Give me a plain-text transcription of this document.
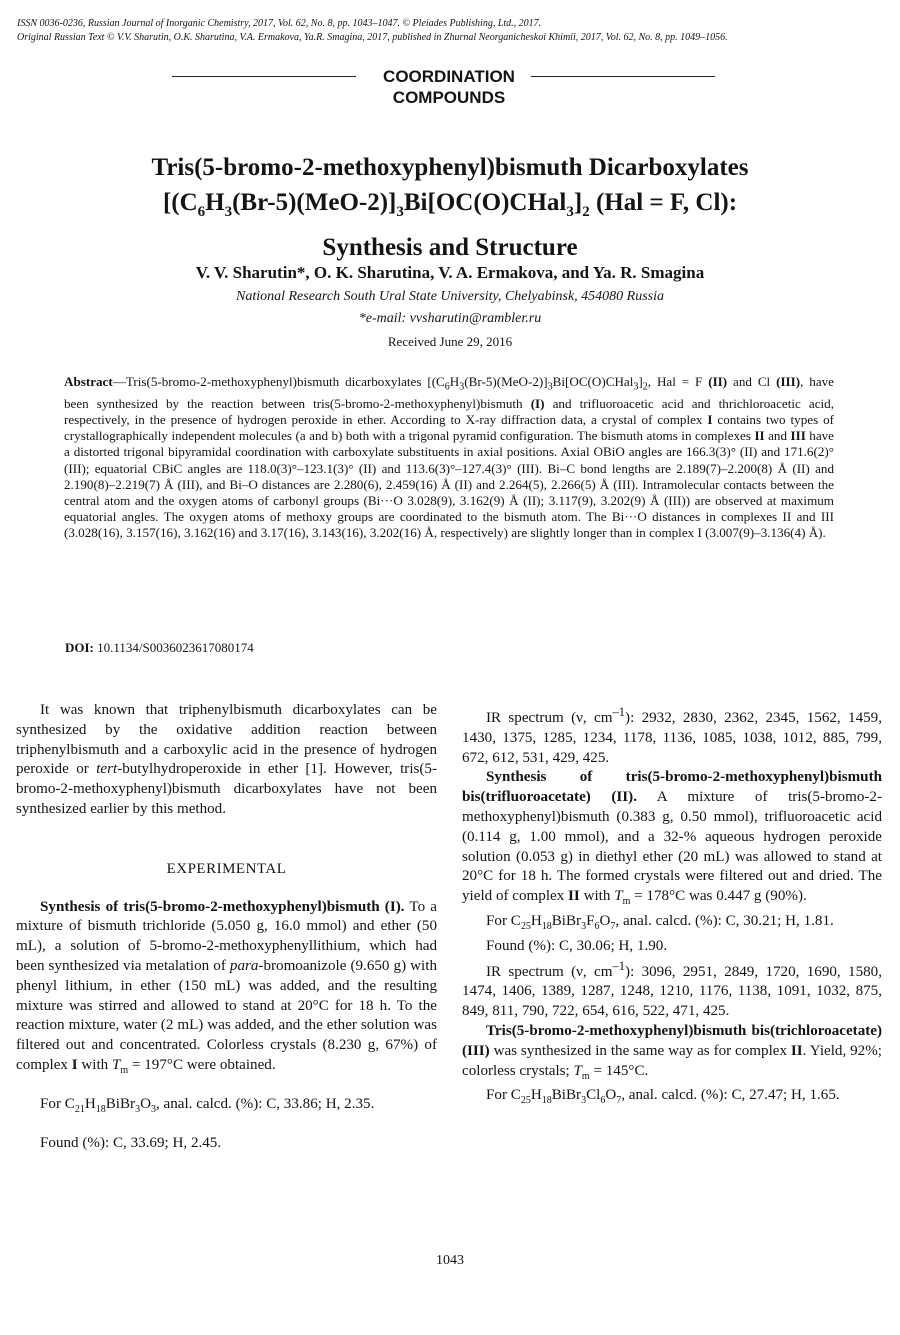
ISSN 0036-0236, Russian Journal of Inorganic Chemistry, 2017, Vol. 62, No. 8, pp. 1043–1047. © Pleiades Publishing, Ltd., 2017.
Original Russian Text © V.V. Sharutin, O.K. Sharutina, V.A. Ermakova, Ya.R. Smagina, 2017, published in Zhurnal Neorganicheskoi Khimii, 2017, Vol. 62, No. 8, pp. 1049–1056.
COORDINATION
COMPOUNDS
Tris(5-bromo-2-methoxyphenyl)bismuth Dicarboxylates
[$(C_6H_3(Br-5)(MeO-2)]_3Bi[OC(O)CHal_3]_2$ (Hal = F, Cl):
Synthesis and Structure
V. V. Sharutin*, O. K. Sharutina, V. A. Ermakova, and Ya. R. Smagina
National Research South Ural State University, Chelyabinsk, 454080 Russia
*e-mail: vvsharutin@rambler.ru
Received June 29, 2016
Abstract—Tris(5-bromo-2-methoxyphenyl)bismuth dicarboxylates [$(C_6H_3(Br-5)(MeO-2)]_3Bi[OC(O)CHal_3]_2$, Hal = F (II) and Cl (III), have been synthesized by the reaction between tris(5-bromo-2-methoxyphenyl)bismuth (I) and trifluoroacetic acid and thrichloroacetic acid, respectively, in the presence of hydrogen peroxide in ether. According to X-ray diffraction data, a crystal of complex I contains two types of crystallographically independent molecules (a and b) both with a trigonal pyramid configuration. The bismuth atoms in complexes II and III have a distorted trigonal bipyramidal coordination with carboxylate substituents in axial positions. Axial OBiO angles are 166.3(3)° (II) and 171.6(2)° (III); equatorial CBiC angles are 118.0(3)°–123.1(3)° (II) and 113.6(3)°–127.4(3)° (III). Bi–C bond lengths are 2.189(7)–2.200(8) Å (II) and 2.190(8)–2.219(7) Å (III), and Bi–O distances are 2.280(6), 2.459(16) Å (II) and 2.264(5), 2.266(5) Å (III). Intramolecular contacts between the central atom and the oxygen atoms of carbonyl groups (Bi···O 3.028(9), 3.162(9) Å (II); 3.117(9), 3.202(9) Å (III)) are observed at maximum equatorial angles. The oxygen atoms of methoxy groups are coordinated to the bismuth atom. The Bi···O distances in complexes II and III (3.028(16), 3.157(16), 3.162(16) and 3.17(16), 3.143(16), 3.202(16) Å, respectively) are slightly longer than in complex I (3.007(9)–3.136(4) Å).
DOI: 10.1134/S0036023617080174

It was known that triphenylbismuth dicarboxylates can be synthesized by the oxidative addition reaction between triphenylbismuth and a carboxylic acid in the presence of hydrogen peroxide or tert-butylhydroperoxide in ether [1]. However, tris(5-bromo-2-methoxyphenyl)bismuth dicarboxylates have not been synthesized earlier by this method.

EXPERIMENTAL

Synthesis of tris(5-bromo-2-methoxyphenyl)bismuth (I). To a mixture of bismuth trichloride (5.050 g, 16.0 mmol) and ether (50 mL), a solution of 5-bromo-2-methoxyphenyllithium, which had been synthesized via metalation of para-bromoanizole (9.650 g) with phenyl lithium, in ether (150 mL) was added, and the resulting mixture was stirred and allowed to stand at 20°C for 18 h. To the reaction mixture, water (2 mL) was added, and the ether solution was filtered out and concentrated. Colorless crystals (8.230 g, 67%) of complex I with $T_m = 197^\circ C$ were obtained.

For $C_{21}H_{18}BiBr_3O_3$, anal. calcd. (%): C, 33.86; H, 2.35.

Found (%): C, 33.69; H, 2.45.

IR spectrum (ν, $cm^{-1}$): 2932, 2830, 2362, 2345, 1562, 1459, 1430, 1375, 1285, 1234, 1178, 1136, 1085, 1038, 1012, 885, 799, 672, 612, 531, 429, 425.

Synthesis of tris(5-bromo-2-methoxyphenyl)bismuth bis(trifluoroacetate) (II). A mixture of tris(5-bromo-2-methoxyphenyl)bismuth (0.383 g, 0.50 mmol), trifluoroacetic acid (0.114 g, 1.00 mmol), and a 32-% aqueous hydrogen peroxide solution (0.053 g) in diethyl ether (20 mL) was allowed to stand at 20°C for 18 h. The formed crystals were filtered out and dried. The yield of complex II with $T_m = 178^\circ C$ was 0.447 g (90%).

For $C_{25}H_{18}BiBr_3F_6O_7$, anal. calcd. (%): C, 30.21; H, 1.81.

Found (%): C, 30.06; H, 1.90.

IR spectrum (ν, $cm^{-1}$): 3096, 2951, 2849, 1720, 1690, 1580, 1474, 1406, 1389, 1287, 1248, 1210, 1176, 1138, 1091, 1032, 875, 849, 811, 790, 722, 654, 616, 522, 471, 425.

Tris(5-bromo-2-methoxyphenyl)bismuth bis(trichloroacetate) (III) was synthesized in the same way as for complex II. Yield, 92%; colorless crystals; $T_m = 145^\circ C$.

For $C_{25}H_{18}BiBr_3Cl_6O_7$, anal. calcd. (%): C, 27.47; H, 1.65.

1043
